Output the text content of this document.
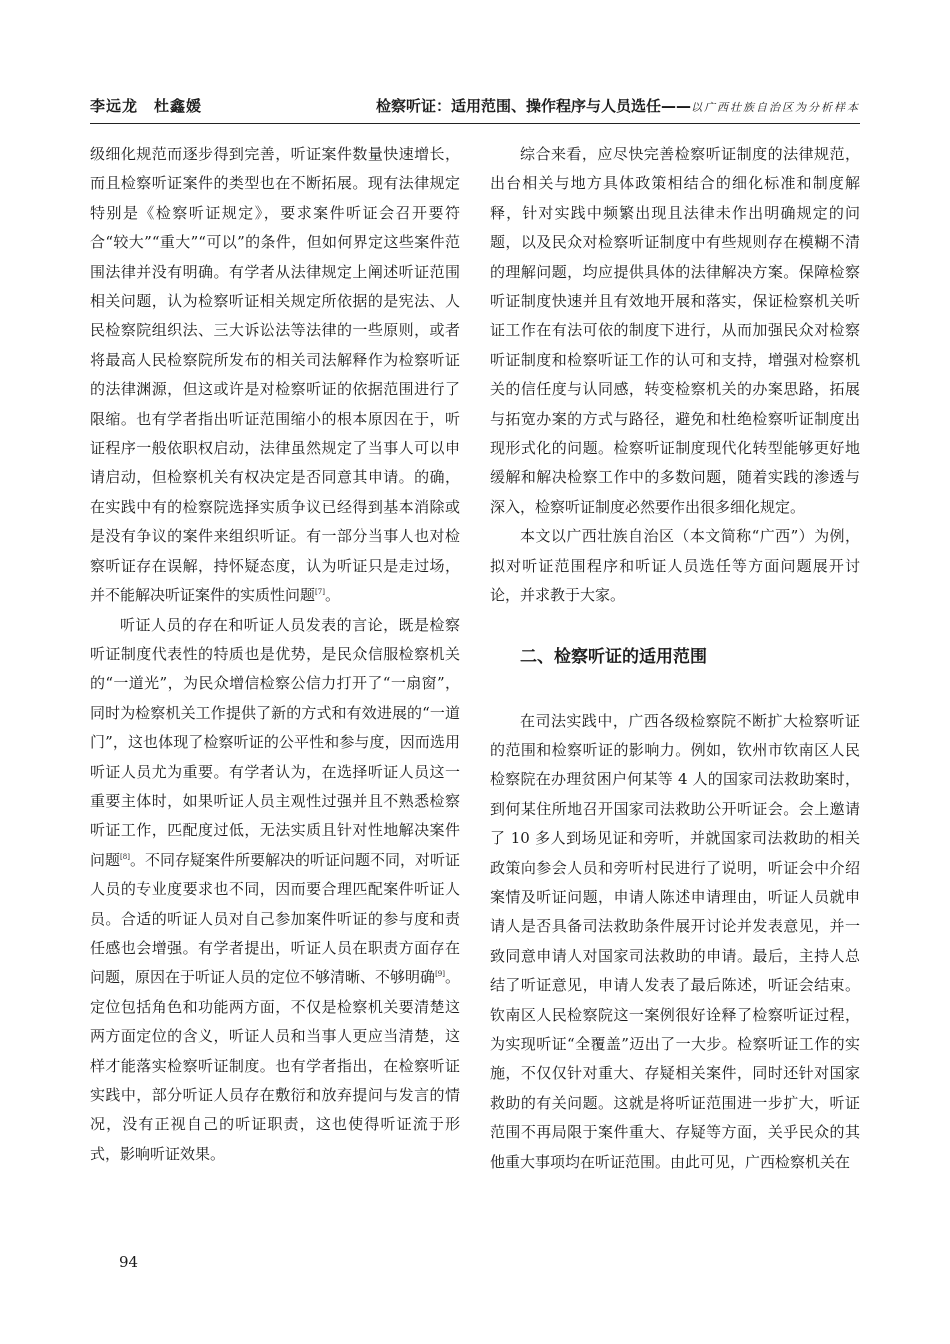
李远龙　杜鑫媛	检察听证：适用范围、操作程序与人员选任——以广西壮族自治区为分析样本

级细化规范而逐步得到完善，听证案件数量快速增长，而且检察听证案件的类型也在不断拓展。现有法律规定特别是《检察听证规定》，要求案件听证会召开要符合“较大”“重大”“可以”的条件，但如何界定这些案件范围法律并没有明确。有学者从法律规定上阐述听证范围相关问题，认为检察听证相关规定所依据的是宪法、人民检察院组织法、三大诉讼法等法律的一些原则，或者将最高人民检察院所发布的相关司法解释作为检察听证的法律渊源，但这或许是对检察听证的依据范围进行了限缩。也有学者指出听证范围缩小的根本原因在于，听证程序一般依职权启动，法律虽然规定了当事人可以申请启动，但检察机关有权决定是否同意其申请。的确，在实践中有的检察院选择实质争议已经得到基本消除或是没有争议的案件来组织听证。有一部分当事人也对检察听证存在误解，持怀疑态度，认为听证只是走过场，并不能解决听证案件的实质性问题[7]。

听证人员的存在和听证人员发表的言论，既是检察听证制度代表性的特质也是优势，是民众信服检察机关的“一道光”，为民众增信检察公信力打开了“一扇窗”，同时为检察机关工作提供了新的方式和有效进展的“一道门”，这也体现了检察听证的公平性和参与度，因而选用听证人员尤为重要。有学者认为，在选择听证人员这一重要主体时，如果听证人员主观性过强并且不熟悉检察听证工作，匹配度过低，无法实质且针对性地解决案件问题[8]。不同存疑案件所要解决的听证问题不同，对听证人员的专业度要求也不同，因而要合理匹配案件听证人员。合适的听证人员对自己参加案件听证的参与度和责任感也会增强。有学者提出，听证人员在职责方面存在问题，原因在于听证人员的定位不够清晰、不够明确[9]。定位包括角色和功能两方面，不仅是检察机关要清楚这两方面定位的含义，听证人员和当事人更应当清楚，这样才能落实检察听证制度。也有学者指出，在检察听证实践中，部分听证人员存在敷衍和放弃提问与发言的情况，没有正视自己的听证职责，这也使得听证流于形式，影响听证效果。

综合来看，应尽快完善检察听证制度的法律规范，出台相关与地方具体政策相结合的细化标准和制度解释，针对实践中频繁出现且法律未作出明确规定的问题，以及民众对检察听证制度中有些规则存在模糊不清的理解问题，均应提供具体的法律解决方案。保障检察听证制度快速并且有效地开展和落实，保证检察机关听证工作在有法可依的制度下进行，从而加强民众对检察听证制度和检察听证工作的认可和支持，增强对检察机关的信任度与认同感，转变检察机关的办案思路，拓展与拓宽办案的方式与路径，避免和杜绝检察听证制度出现形式化的问题。检察听证制度现代化转型能够更好地缓解和解决检察工作中的多数问题，随着实践的渗透与深入，检察听证制度必然要作出很多细化规定。

本文以广西壮族自治区（本文简称“广西”）为例，拟对听证范围程序和听证人员选任等方面问题展开讨论，并求教于大家。

二、检察听证的适用范围

在司法实践中，广西各级检察院不断扩大检察听证的范围和检察听证的影响力。例如，钦州市钦南区人民检察院在办理贫困户何某等 4 人的国家司法救助案时，到何某住所地召开国家司法救助公开听证会。会上邀请了 10 多人到场见证和旁听，并就国家司法救助的相关政策向参会人员和旁听村民进行了说明，听证会中介绍案情及听证问题，申请人陈述申请理由，听证人员就申请人是否具备司法救助条件展开讨论并发表意见，并一致同意申请人对国家司法救助的申请。最后，主持人总结了听证意见，申请人发表了最后陈述，听证会结束。钦南区人民检察院这一案例很好诠释了检察听证过程，为实现听证“全覆盖”迈出了一大步。检察听证工作的实施，不仅仅针对重大、存疑相关案件，同时还针对国家救助的有关问题。这就是将听证范围进一步扩大，听证范围不再局限于案件重大、存疑等方面，关乎民众的其他重大事项均在听证范围。由此可见，广西检察机关在

94
